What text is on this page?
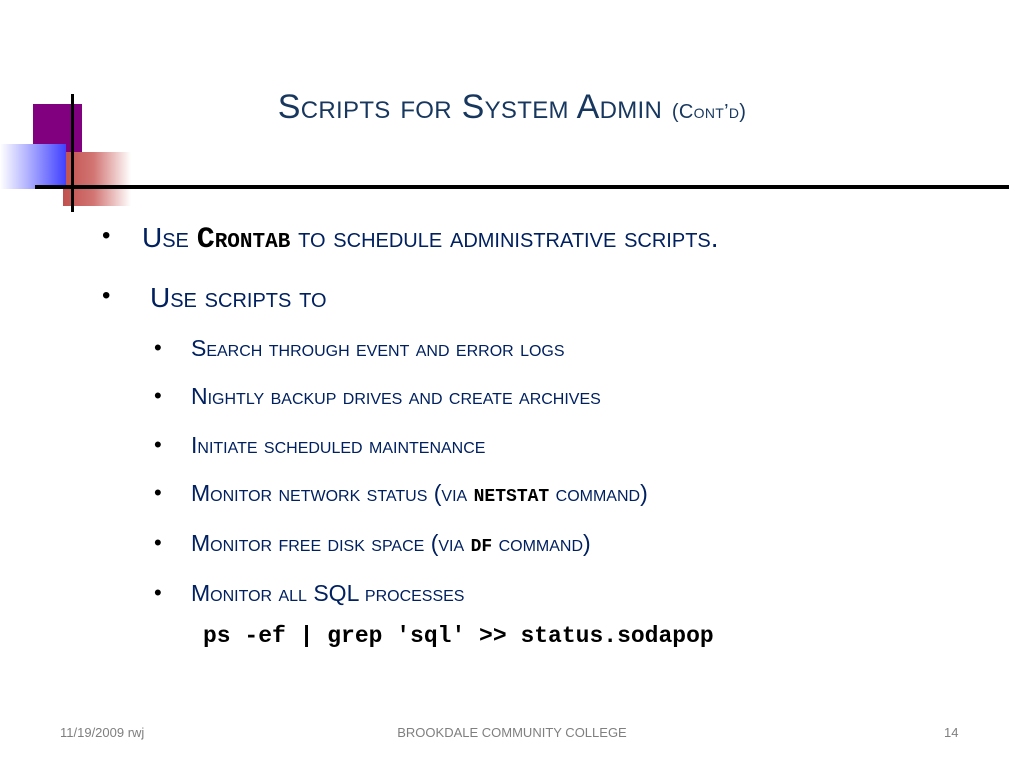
Scripts for System Admin (Cont’d)
• Use Crontab to schedule administrative scripts.
• Use scripts to
• Search through event and error logs
• Nightly backup drives and create archives
• Initiate scheduled maintenance
• Monitor network status (via netstat command)
• Monitor free disk space (via df command)
• Monitor all SQL processes
ps -ef | grep 'sql' >> status.sodapop
11/19/2009 rwj	BROOKDALE COMMUNITY COLLEGE	14
